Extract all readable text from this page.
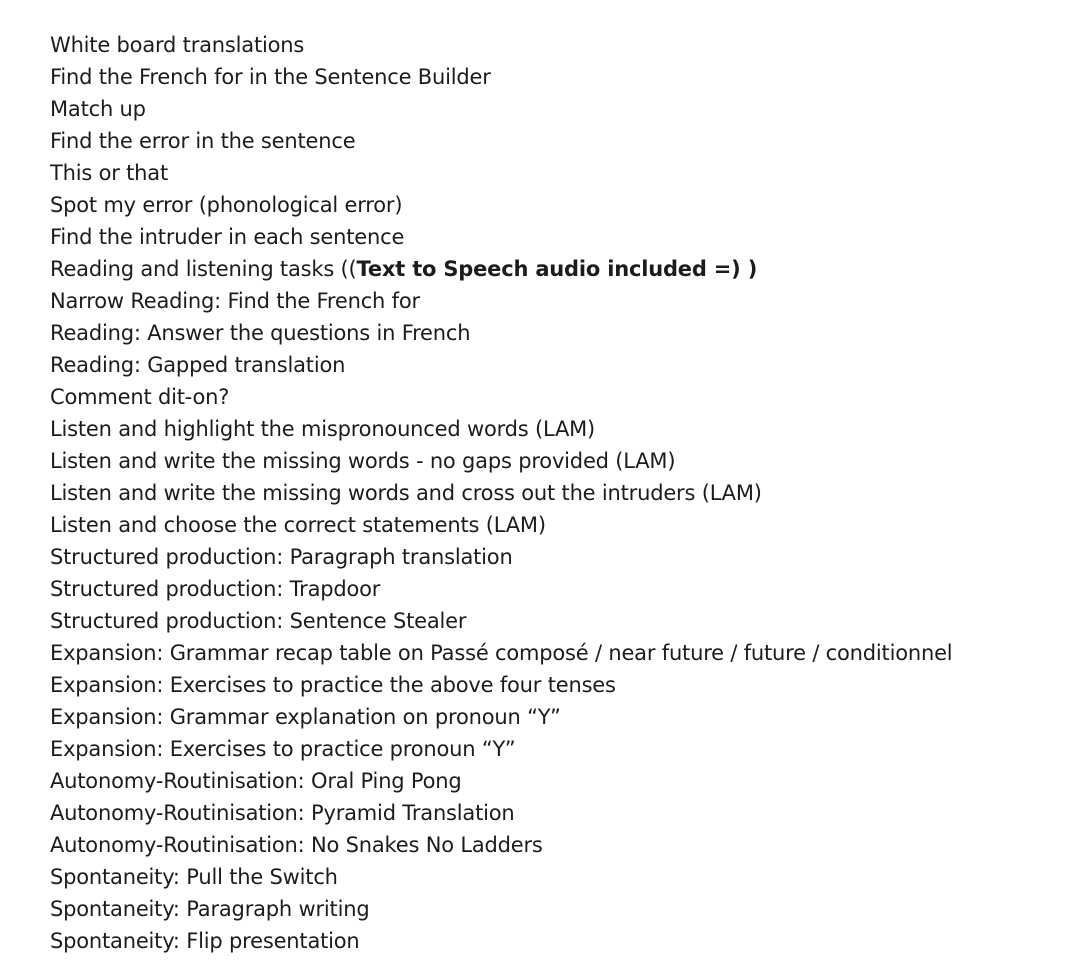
White board translations
Find the French for in the Sentence Builder
Match up
Find the error in the sentence
This or that
Spot my error (phonological error)
Find the intruder in each sentence
Reading and listening tasks ((Text to Speech audio included =) )
Narrow Reading: Find the French for
Reading: Answer the questions in French
Reading: Gapped translation
Comment dit-on?
Listen and highlight the mispronounced words (LAM)
Listen and write the missing words - no gaps provided (LAM)
Listen and write the missing words and cross out the intruders (LAM)
Listen and choose the correct statements (LAM)
Structured production: Paragraph translation
Structured production: Trapdoor
Structured production: Sentence Stealer
Expansion: Grammar recap table on Passé composé / near future / future / conditionnel
Expansion: Exercises to practice the above four tenses
Expansion: Grammar explanation on pronoun “Y”
Expansion: Exercises to practice pronoun “Y”
Autonomy-Routinisation: Oral Ping Pong
Autonomy-Routinisation: Pyramid Translation
Autonomy-Routinisation: No Snakes No Ladders
Spontaneity: Pull the Switch
Spontaneity: Paragraph writing
Spontaneity: Flip presentation
